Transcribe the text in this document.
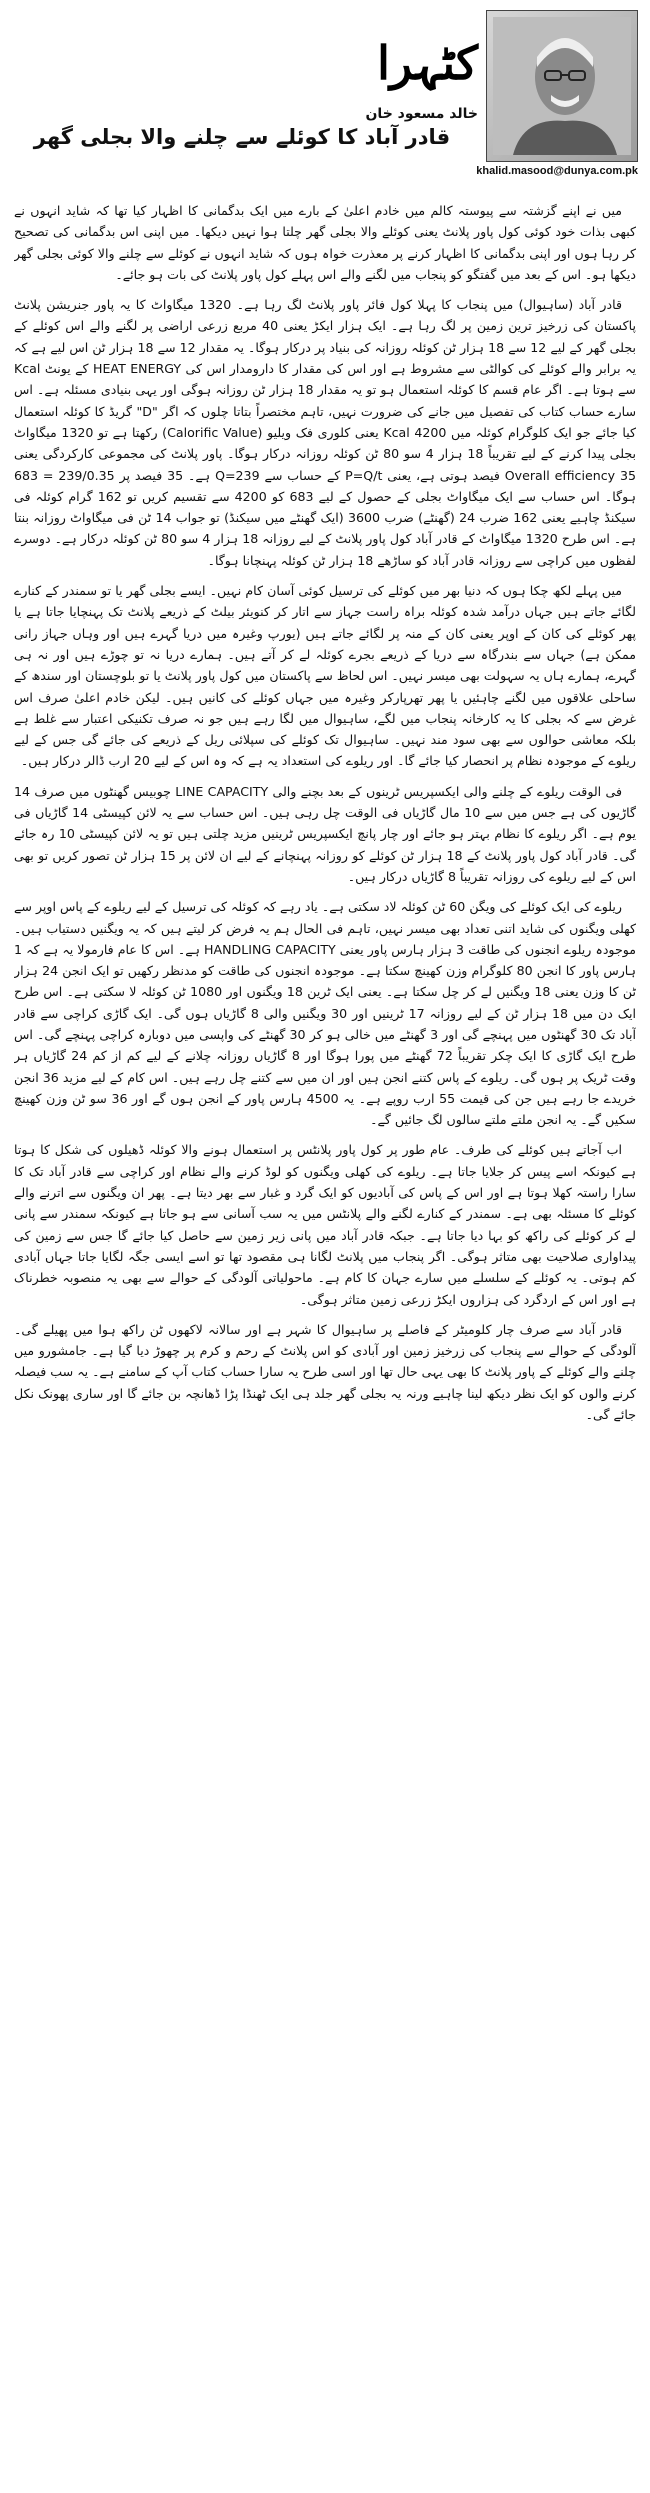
کٹہرا
خالد مسعود خان
khalid.masood@dunya.com.pk
قادر آباد کا کوئلے سے چلنے والا بجلی گھر

میں نے اپنے گزشتہ سے پیوستہ کالم میں خادم اعلیٰ کے بارے میں ایک بدگمانی کا اظہار کیا تھا کہ شاید انہوں نے کبھی بذات خود کوئی کول پاور پلانٹ یعنی کوئلے والا بجلی گھر چلتا ہوا نہیں دیکھا۔ میں اپنی اس بدگمانی کی تصحیح کر رہا ہوں اور اپنی بدگمانی کا اظہار کرنے پر معذرت خواہ ہوں کہ شاید انہوں نے کوئلے سے چلنے والا کوئی بجلی گھر دیکھا ہو۔ اس کے بعد میں گفتگو کو پنجاب میں لگنے والے اس پہلے کول پاور پلانٹ کی بات ہو جائے۔

قادر آباد (ساہیوال) میں پنجاب کا پہلا کول فائر پاور پلانٹ لگ رہا ہے۔ 1320 میگاواٹ کا یہ پاور جنریشن پلانٹ پاکستان کی زرخیز ترین زمین پر لگ رہا ہے۔ ایک ہزار ایکڑ یعنی 40 مربع زرعی اراضی پر لگنے والے اس کوئلے کے بجلی گھر کے لیے 12 سے 18 ہزار ٹن کوئلہ روزانہ کی بنیاد پر درکار ہوگا۔ یہ مقدار 12 سے 18 ہزار ٹن اس لیے ہے کہ یہ برابر والے کوئلے کی کوالٹی سے مشروط ہے اور اس کی مقدار کا دارومدار اس کی HEAT ENERGY کے یونٹ Kcal سے ہوتا ہے۔ اگر عام قسم کا کوئلہ استعمال ہو تو یہ مقدار 18 ہزار ٹن روزانہ ہوگی اور یہی بنیادی مسئلہ ہے۔ اس سارے حساب کتاب کی تفصیل میں جانے کی ضرورت نہیں، تاہم مختصراً بتاتا چلوں کہ اگر "D" گریڈ کا کوئلہ استعمال کیا جائے جو ایک کلوگرام کوئلہ میں 4200 Kcal یعنی کلوری فک ویلیو (Calorific Value) رکھتا ہے تو 1320 میگاواٹ بجلی پیدا کرنے کے لیے تقریباً 18 ہزار 4 سو 80 ٹن کوئلہ روزانہ درکار ہوگا۔ پاور پلانٹ کی مجموعی کارکردگی یعنی Overall efficiency 35 فیصد ہوتی ہے، یعنی P=Q/t کے حساب سے Q=239 ہے۔ 35 فیصد پر 239/0.35 = 683 ہوگا۔ اس حساب سے ایک میگاواٹ بجلی کے حصول کے لیے 683 کو 4200 سے تقسیم کریں تو 162 گرام کوئلہ فی سیکنڈ چاہیے یعنی 162 ضرب 24 (گھنٹے) ضرب 3600 (ایک گھنٹے میں سیکنڈ) تو جواب 14 ٹن فی میگاواٹ روزانہ بنتا ہے۔ اس طرح 1320 میگاواٹ کے قادر آباد کول پاور پلانٹ کے لیے روزانہ 18 ہزار 4 سو 80 ٹن کوئلہ درکار ہے۔ دوسرے لفظوں میں کراچی سے روزانہ قادر آباد کو ساڑھے 18 ہزار ٹن کوئلہ پہنچانا ہوگا۔

میں پہلے لکھ چکا ہوں کہ دنیا بھر میں کوئلے کی ترسیل کوئی آسان کام نہیں۔ ایسے بجلی گھر یا تو سمندر کے کنارے لگائے جاتے ہیں جہاں درآمد شدہ کوئلہ براہ راست جہاز سے اتار کر کنویئر بیلٹ کے ذریعے پلانٹ تک پہنچایا جاتا ہے یا پھر کوئلے کی کان کے اوپر یعنی کان کے منہ پر لگائے جاتے ہیں (یورپ وغیرہ میں دریا گہرے ہیں اور وہاں جہاز رانی ممکن ہے) جہاں سے بندرگاہ سے دریا کے ذریعے بجرے کوئلہ لے کر آتے ہیں۔ ہمارے دریا نہ تو چوڑے ہیں اور نہ ہی گہرے، ہمارے ہاں یہ سہولت بھی میسر نہیں۔ اس لحاظ سے پاکستان میں کول پاور پلانٹ یا تو بلوچستان اور سندھ کے ساحلی علاقوں میں لگنے چاہئیں یا پھر تھرپارکر وغیرہ میں جہاں کوئلے کی کانیں ہیں۔ لیکن خادم اعلیٰ صرف اس غرض سے کہ بجلی کا یہ کارخانہ پنجاب میں لگے، ساہیوال میں لگا رہے ہیں جو نہ صرف تکنیکی اعتبار سے غلط ہے بلکہ معاشی حوالوں سے بھی سود مند نہیں۔ ساہیوال تک کوئلے کی سپلائی ریل کے ذریعے کی جائے گی جس کے لیے ریلوے کے موجودہ نظام پر انحصار کیا جائے گا۔ اور ریلوے کی استعداد یہ ہے کہ وہ اس کے لیے 20 ارب ڈالر درکار ہیں۔

فی الوقت ریلوے کے چلنے والی ایکسپریس ٹرینوں کے بعد بچنے والی LINE CAPACITY چوبیس گھنٹوں میں صرف 14 گاڑیوں کی ہے جس میں سے 10 مال گاڑیاں فی الوقت چل رہی ہیں۔ اس حساب سے یہ لائن کپیسٹی 14 گاڑیاں فی یوم ہے۔ اگر ریلوے کا نظام بہتر ہو جائے اور چار پانچ ایکسپریس ٹرینیں مزید چلتی ہیں تو یہ لائن کپیسٹی 10 رہ جائے گی۔ قادر آباد کول پاور پلانٹ کے 18 ہزار ٹن کوئلے کو روزانہ پہنچانے کے لیے ان لائن پر 15 ہزار ٹن تصور کریں تو بھی اس کے لیے ریلوے کی روزانہ تقریباً 8 گاڑیاں درکار ہیں۔

ریلوے کی ایک کوئلے کی ویگن 60 ٹن کوئلہ لاد سکتی ہے۔ یاد رہے کہ کوئلہ کی ترسیل کے لیے ریلوے کے پاس اوپر سے کھلی ویگنوں کی شاید اتنی تعداد بھی میسر نہیں، تاہم فی الحال ہم یہ فرض کر لیتے ہیں کہ یہ ویگنیں دستیاب ہیں۔ موجودہ ریلوے انجنوں کی طاقت 3 ہزار ہارس پاور یعنی HANDLING CAPACITY ہے۔ اس کا عام فارمولا یہ ہے کہ 1 ہارس پاور کا انجن 80 کلوگرام وزن کھینچ سکتا ہے۔ موجودہ انجنوں کی طاقت کو مدنظر رکھیں تو ایک انجن 24 ہزار ٹن کا وزن یعنی 18 ویگنیں لے کر چل سکتا ہے۔ یعنی ایک ٹرین 18 ویگنوں اور 1080 ٹن کوئلہ لا سکتی ہے۔ اس طرح ایک دن میں 18 ہزار ٹن کے لیے روزانہ 17 ٹرینیں اور 30 ویگنیں والی 8 گاڑیاں ہوں گی۔ ایک گاڑی کراچی سے قادر آباد تک 30 گھنٹوں میں پہنچے گی اور 3 گھنٹے میں خالی ہو کر 30 گھنٹے کی واپسی میں دوبارہ کراچی پہنچے گی۔ اس طرح ایک گاڑی کا ایک چکر تقریباً 72 گھنٹے میں پورا ہوگا اور 8 گاڑیاں روزانہ چلانے کے لیے کم از کم 24 گاڑیاں ہر وقت ٹریک پر ہوں گی۔ ریلوے کے پاس کتنے انجن ہیں اور ان میں سے کتنے چل رہے ہیں۔ اس کام کے لیے مزید 36 انجن خریدے جا رہے ہیں جن کی قیمت 55 ارب روپے ہے۔ یہ 4500 ہارس پاور کے انجن ہوں گے اور 36 سو ٹن وزن کھینچ سکیں گے۔ یہ انجن ملتے ملتے سالوں لگ جائیں گے۔

اب آجاتے ہیں کوئلے کی طرف۔ عام طور پر کول پاور پلانٹس پر استعمال ہونے والا کوئلہ ڈھیلوں کی شکل کا ہوتا ہے کیونکہ اسے پیس کر جلایا جاتا ہے۔ ریلوے کی کھلی ویگنوں کو لوڈ کرنے والے نظام اور کراچی سے قادر آباد تک کا سارا راستہ کھلا ہوتا ہے اور اس کے پاس کی آبادیوں کو ایک گرد و غبار سے بھر دیتا ہے۔ پھر ان ویگنوں سے اترنے والے کوئلے کا مسئلہ بھی ہے۔ سمندر کے کنارے لگنے والے پلانٹس میں یہ سب آسانی سے ہو جاتا ہے کیونکہ سمندر سے پانی لے کر کوئلے کی راکھ کو بہا دیا جاتا ہے۔ جبکہ قادر آباد میں پانی زیر زمین سے حاصل کیا جائے گا جس سے زمین کی پیداواری صلاحیت بھی متاثر ہوگی۔ اگر پنجاب میں پلانٹ لگانا ہی مقصود تھا تو اسے ایسی جگہ لگایا جاتا جہاں آبادی کم ہوتی۔ یہ کوئلے کے سلسلے میں سارے جہان کا کام ہے۔ ماحولیاتی آلودگی کے حوالے سے بھی یہ منصوبہ خطرناک ہے اور اس کے اردگرد کی ہزاروں ایکڑ زرعی زمین متاثر ہوگی۔

قادر آباد سے صرف چار کلومیٹر کے فاصلے پر ساہیوال کا شہر ہے اور سالانہ لاکھوں ٹن راکھ ہوا میں پھیلے گی۔ آلودگی کے حوالے سے پنجاب کی زرخیز زمین اور آبادی کو اس پلانٹ کے رحم و کرم پر چھوڑ دیا گیا ہے۔ جامشورو میں چلنے والے کوئلے کے پاور پلانٹ کا بھی یہی حال تھا اور اسی طرح یہ سارا حساب کتاب آپ کے سامنے ہے۔ یہ سب فیصلہ کرنے والوں کو ایک نظر دیکھ لینا چاہیے ورنہ یہ بجلی گھر جلد ہی ایک ٹھنڈا پڑا ڈھانچہ بن جائے گا اور ساری پھونک نکل جائے گی۔
